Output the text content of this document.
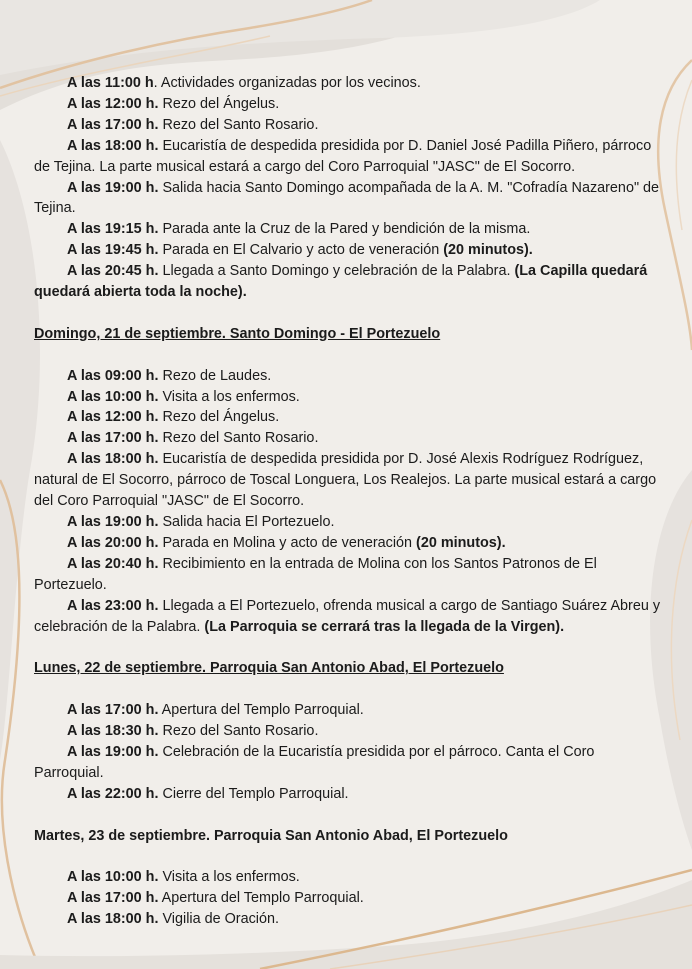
A las 11:00 h. Actividades organizadas por los vecinos.

A las 12:00 h. Rezo del Ángelus.

A las 17:00 h. Rezo del Santo Rosario.

A las 18:00 h. Eucaristía de despedida presidida por D. Daniel José Padilla Piñero, párroco de Tejina. La parte musical estará a cargo del Coro Parroquial "JASC" de El Socorro.

A las 19:00 h. Salida hacia Santo Domingo acompañada de la A. M. "Cofradía Nazareno" de Tejina.

A las 19:15 h. Parada ante la Cruz de la Pared y bendición de la misma.

A las 19:45 h. Parada en El Calvario y acto de veneración (20 minutos).

A las 20:45 h. Llegada a Santo Domingo y celebración de la Palabra. (La Capilla quedará quedará abierta toda la noche).

Domingo, 21 de septiembre. Santo Domingo - El Portezuelo

A las 09:00 h. Rezo de Laudes.

A las 10:00 h. Visita a los enfermos.

A las 12:00 h. Rezo del Ángelus.

A las 17:00 h. Rezo del Santo Rosario.

A las 18:00 h. Eucaristía de despedida presidida por D. José Alexis Rodríguez Rodríguez, natural de El Socorro, párroco de Toscal Longuera, Los Realejos. La parte musical estará a cargo del Coro Parroquial "JASC" de El Socorro.

A las 19:00 h. Salida hacia El Portezuelo.

A las 20:00 h. Parada en Molina y acto de veneración (20 minutos).

A las 20:40 h. Recibimiento en la entrada de Molina con los Santos Patronos de El Portezuelo.

A las 23:00 h. Llegada a El Portezuelo, ofrenda musical a cargo de Santiago Suárez Abreu y celebración de la Palabra. (La Parroquia se cerrará tras la llegada de la Virgen).

Lunes, 22 de septiembre. Parroquia San Antonio Abad, El Portezuelo

A las 17:00 h. Apertura del Templo Parroquial.

A las 18:30 h. Rezo del Santo Rosario.

A las 19:00 h. Celebración de la Eucaristía presidida por el párroco. Canta el Coro Parroquial.

A las 22:00 h. Cierre del Templo Parroquial.

Martes, 23 de septiembre. Parroquia San Antonio Abad, El Portezuelo

A las 10:00 h. Visita a los enfermos.

A las 17:00 h. Apertura del Templo Parroquial.

A las 18:00 h. Vigilia de Oración.
